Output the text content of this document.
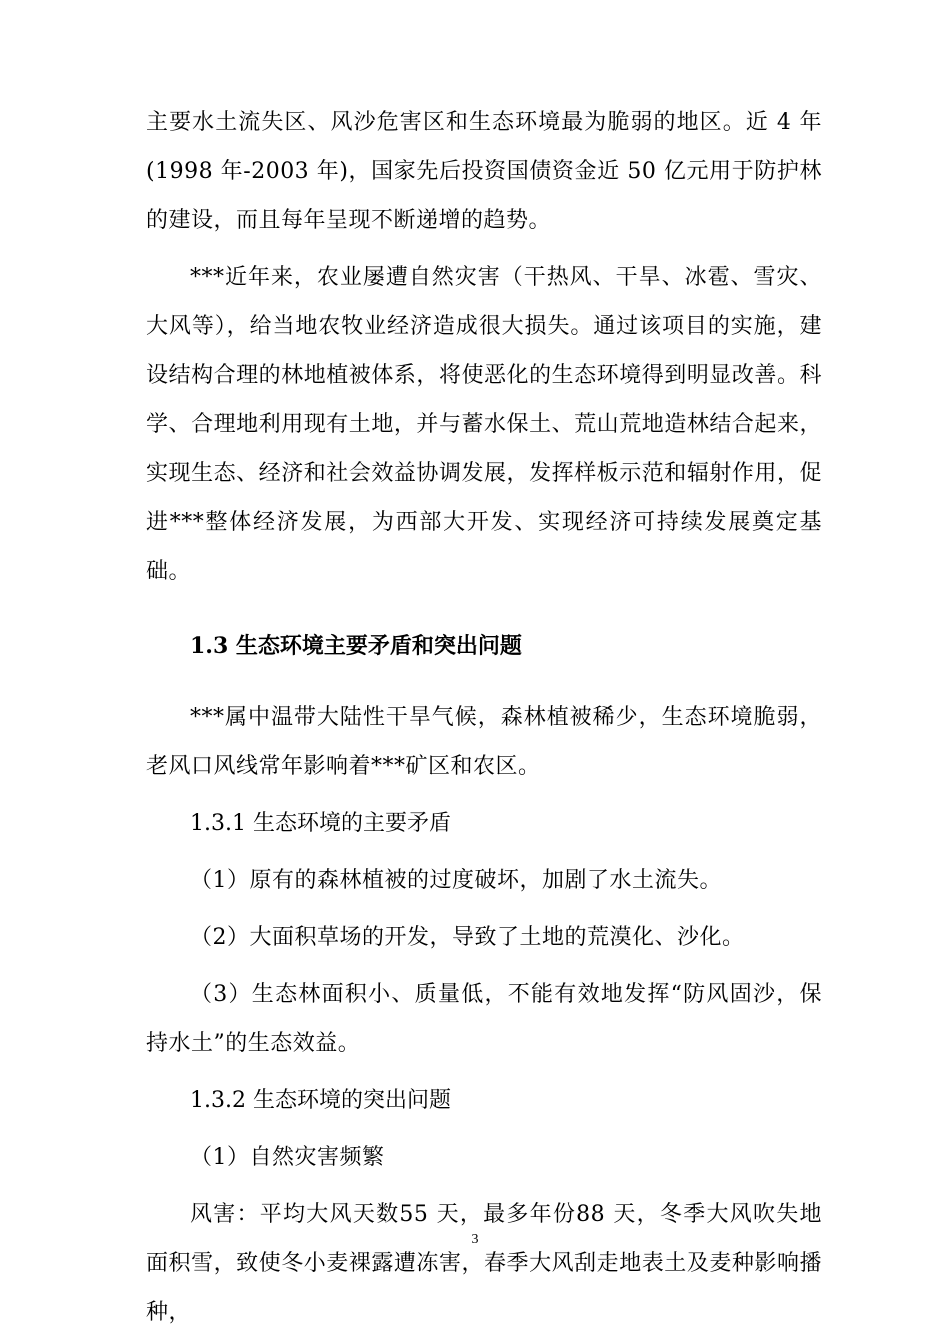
主要水土流失区、风沙危害区和生态环境最为脆弱的地区。近 4 年(1998 年-2003 年)，国家先后投资国债资金近 50 亿元用于防护林的建设，而且每年呈现不断递增的趋势。

***近年来，农业屡遭自然灾害（干热风、干旱、冰雹、雪灾、大风等），给当地农牧业经济造成很大损失。通过该项目的实施，建设结构合理的林地植被体系，将使恶化的生态环境得到明显改善。科学、合理地利用现有土地，并与蓄水保土、荒山荒地造林结合起来，实现生态、经济和社会效益协调发展，发挥样板示范和辐射作用，促进***整体经济发展，为西部大开发、实现经济可持续发展奠定基础。

1.3 生态环境主要矛盾和突出问题

***属中温带大陆性干旱气候，森林植被稀少，生态环境脆弱，老风口风线常年影响着***矿区和农区。

1.3.1 生态环境的主要矛盾

（1）原有的森林植被的过度破坏，加剧了水土流失。

（2）大面积草场的开发，导致了土地的荒漠化、沙化。

（3）生态林面积小、质量低，不能有效地发挥“防风固沙，保持水土”的生态效益。

1.3.2 生态环境的突出问题

（1）自然灾害频繁

风害：平均大风天数55 天，最多年份88 天，冬季大风吹失地面积雪，致使冬小麦裸露遭冻害，春季大风刮走地表土及麦种影响播种，

3
